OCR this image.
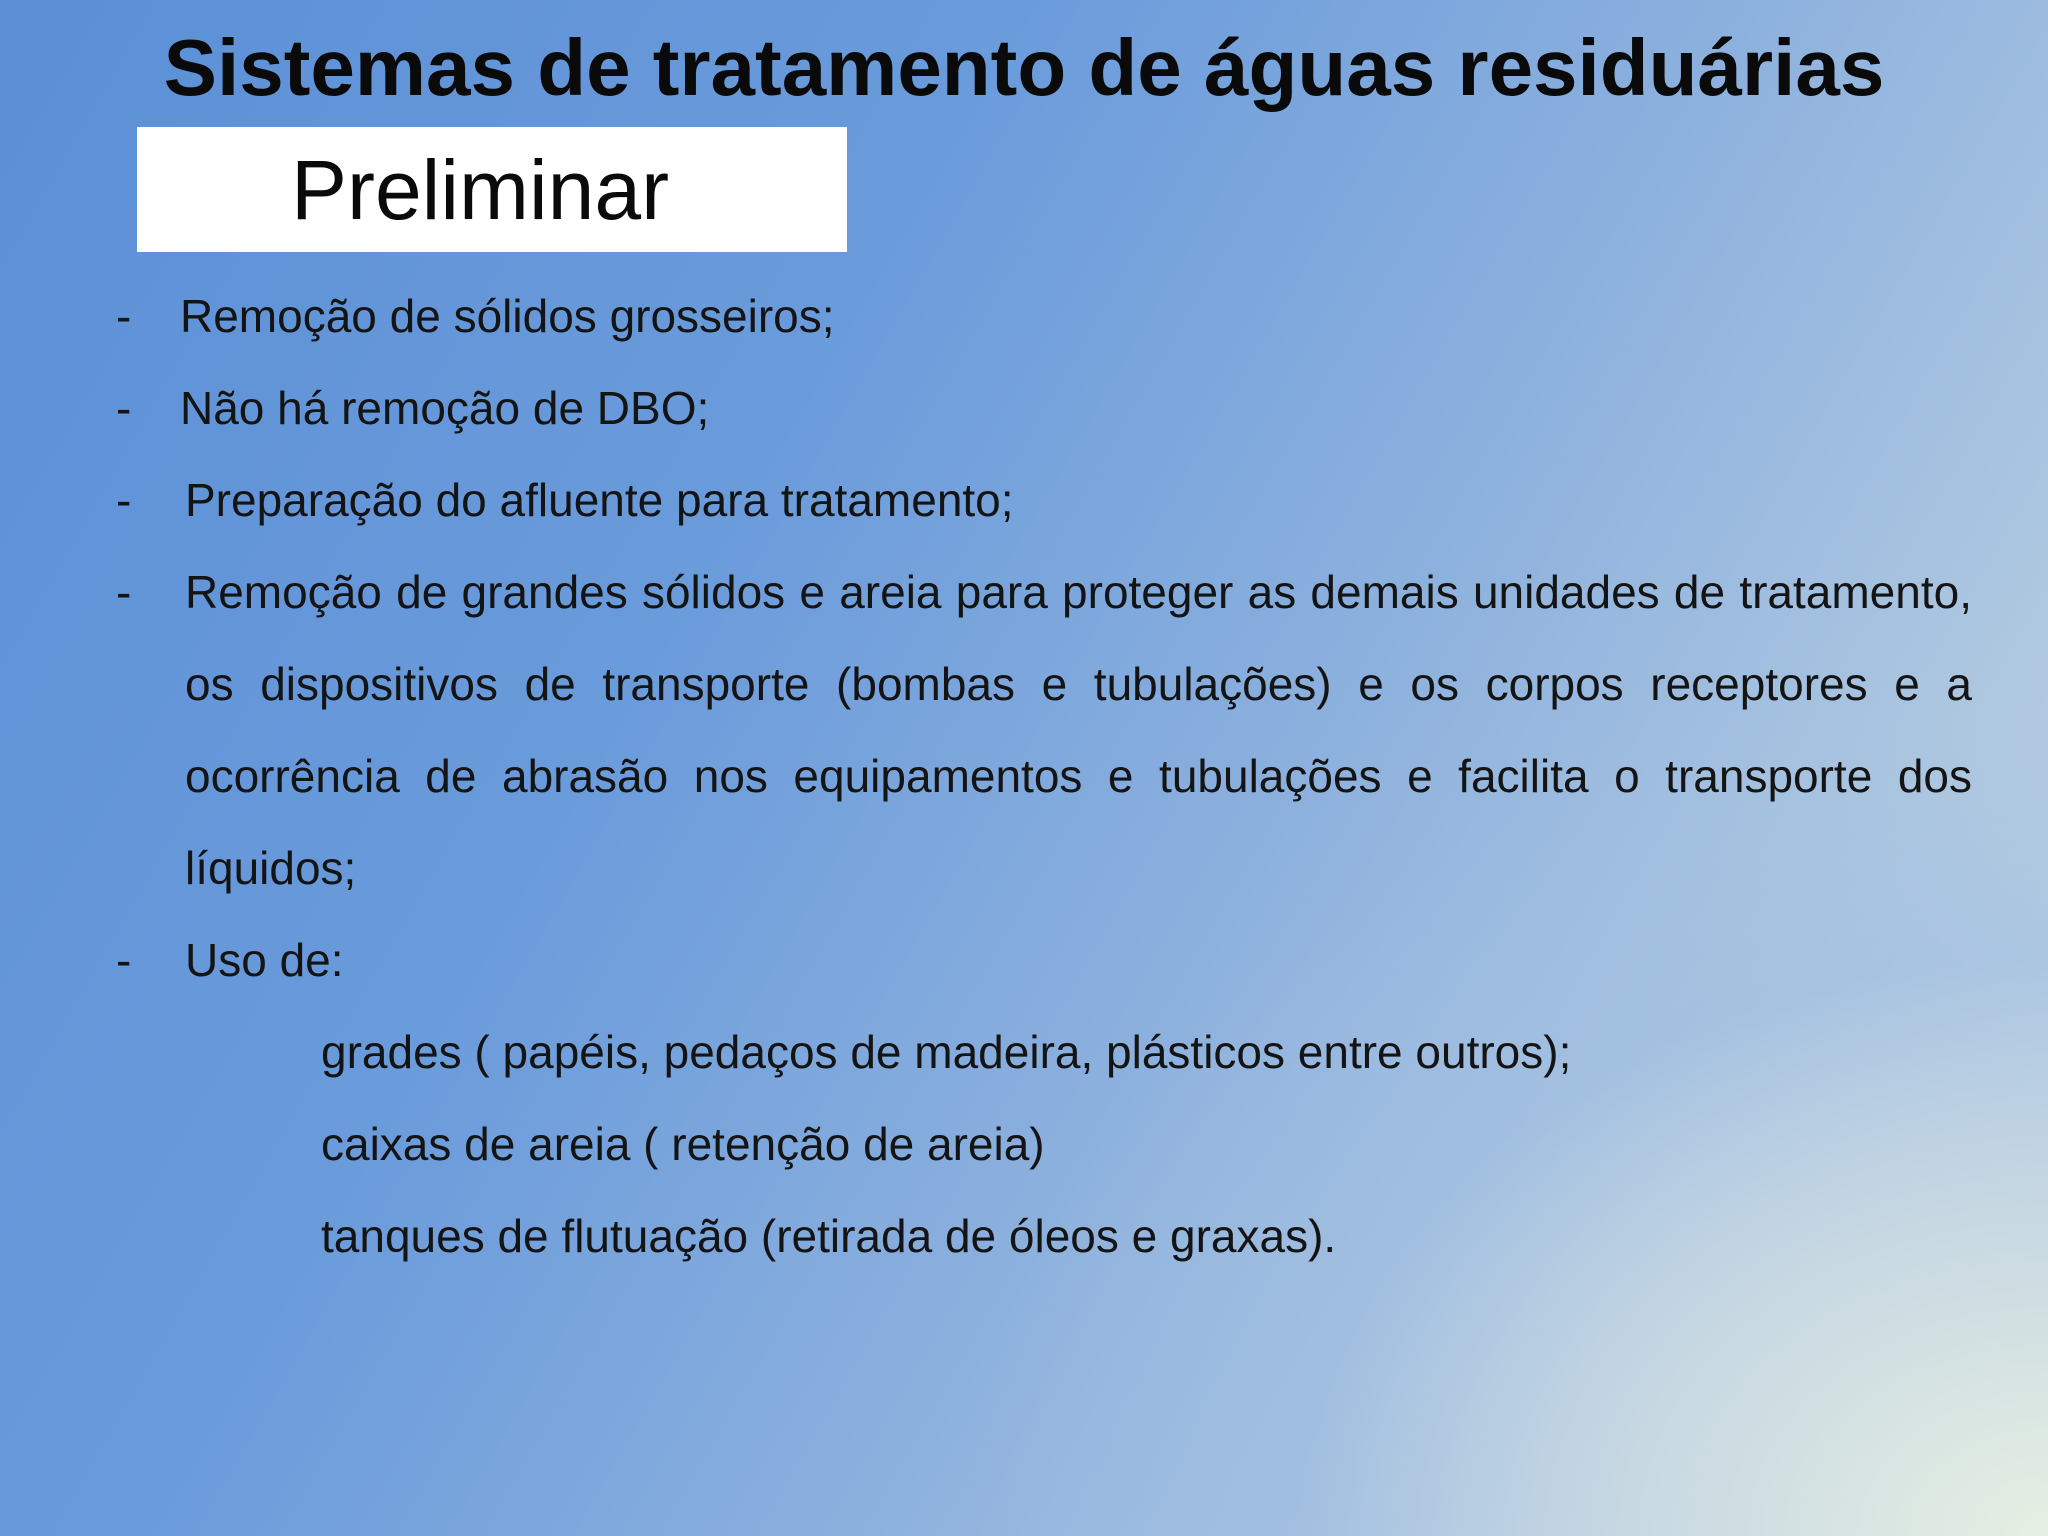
Sistemas de tratamento de águas residuárias
Preliminar
-	Remoção de sólidos grosseiros;
-	Não há remoção de DBO;
-	Preparação do afluente para tratamento;
-	Remoção de grandes sólidos e areia para proteger as demais unidades de tratamento, os dispositivos de transporte (bombas e tubulações) e os corpos receptores e a ocorrência de abrasão nos equipamentos e tubulações e facilita o transporte dos líquidos;
-	Uso de:
grades ( papéis, pedaços de madeira, plásticos entre outros);
caixas de areia ( retenção de areia)
tanques de flutuação (retirada de óleos e graxas).
